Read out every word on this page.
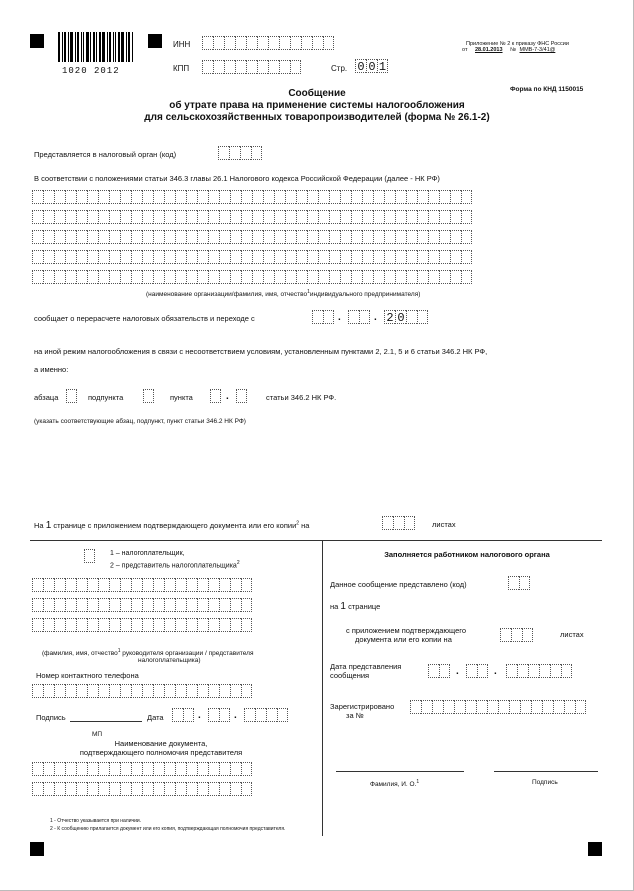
1020 2012
ИНН
КПП	Стр. 0 0 1
Приложение № 2 к приказу ФНС России
от 28.01.2013 № ММВ-7-3/41@
Форма по КНД 1150015
Сообщение
об утрате права на применение системы налогообложения
для сельскохозяйственных товаропроизводителей (форма № 26.1-2)
Представляется в налоговый орган (код)
В соответствии с положениями статьи 346.3 главы 26.1 Налогового кодекса Российской Федерации (далее - НК РФ)
(наименование организации/фамилия, имя, отчество$^1$индивидуального предпринимателя)
сообщает о перерасчете налоговых обязательств и переходе с	.	. 2 0
на иной режим налогообложения в связи с несоответствием условиям, установленным пунктами 2, 2.1, 5 и 6 статьи 346.2 НК РФ,
а именно:
абзаца	подпункта	пункта	.	статьи 346.2 НК РФ.
(указать соответствующие абзац, подпункт, пункт статьи 346.2 НК РФ)
На 1 странице с приложением подтверждающего документа или его копии$^2$ на	листах
1 – налогоплательщик,
2 – представитель налогоплательщика$^2$
(фамилия, имя, отчество$^1$ руководителя организации / представителя
налогоплательщика)
Номер контактного телефона
Подпись	Дата	.	.
МП
Наименование документа,
подтверждающего полномочия представителя
Заполняется работником налогового органа
Данное сообщение представлено (код)
на 1 странице
с приложением подтверждающего
документа или его копии на
листах
Дата представления
сообщения	.	.
Зарегистрировано
за №
Фамилия, И. О.$^1$	Подпись
1 - Отчество указывается при наличии.
2 - К сообщению прилагается документ или его копия, подтверждающая полномочия представителя.
